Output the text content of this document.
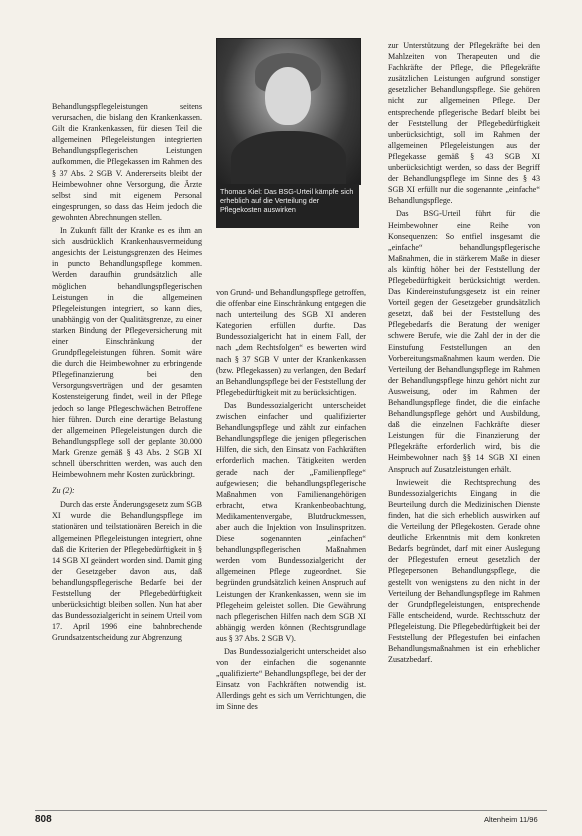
Behandlungspflegeleistungen seitens verursachen, die bislang den Krankenkassen. Gilt die Krankenkassen, für diesen Teil die allgemeinen Pflegeleistungen integrierten Behandlungspflegerischen Leistungen aufkommen, die Pflegekassen im Rahmen des § 37 Abs. 2 SGB V. Andererseits bleibt der Heimbewohner ohne Versorgung, die Ärzte selbst sind mit eigenem Personal eingesprungen, so dass das Heim jedoch die gewohnten Abrechnungen stellen.

In Zukunft fällt der Kranke es es ihm an sich ausdrücklich Krankenhausvermeidung angesichts der Leistungsgrenzen des Heimes in puncto Behandlungspflege kommen. Werden daraufhin grundsätzlich alle möglichen behandlungspflegerischen Leistungen in die allgemeinen Pflegeleistungen integriert, so kann dies, unabhängig von der Qualitätsgrenze, zu einer starken Bindung der Pflegeversicherung mit einer Einschränkung der Grundpflegeleistungen führen. Somit wäre die durch die Heimbewohner zu erbringende Pflegefinanzierung bei den Versorgungsverträgen und der gesamten Kostensteigerung findet, weil in der Pflege jedoch so lange Pflegeschwächen Betroffene hier führen. Durch eine derartige Belastung der allgemeinen Pflegeleistungen durch die Behandlungspflege soll der geplante 30.000 Mark Grenze gemäß § 43 Abs. 2 SGB XI schnell überschritten werden, was auch den Heimbewohnern mehr Kosten zurückbringt.

Zu (2):

Durch das erste Änderungsgesetz zum SGB XI wurde die Behandlungspflege im stationären und teilstationären Bereich in die allgemeinen Pflegeleistungen integriert, ohne daß die Kriterien der Pflegebedürftigkeit in § 14 SGB XI geändert worden sind. Damit ging der Gesetzgeber davon aus, daß behandlungspflegerische Bedarfe bei der Feststellung der Pflegebedürftigkeit unberücksichtigt bleiben sollen. Nun hat aber das Bundessozialgericht in seinem Urteil vom 17. April 1996 eine bahnbrechende Grundsatzentscheidung zur Abgrenzung

Thomas Kiel: Das BSG-Urteil kämpfe sich erheblich auf die Verteilung der Pflegekosten auswirken

von Grund- und Behandlungspflege getroffen, die offenbar eine Einschränkung entgegen die nach unterteilung des SGB XI anderen Kategorien erfüllen durfte. Das Bundessozialgericht hat in einem Fall, der nach „dem Rechtsfolgen“ es bewerten wird nach § 37 SGB V unter der Krankenkassen (bzw. Pflegekassen) zu verlangen, den Bedarf an Behandlungspflege bei der Feststellung der Pflegebedürftigkeit mit zu berücksichtigen.

Das Bundessozialgericht unterscheidet zwischen einfacher und qualifizierter Behandlungspflege und zählt zur einfachen Behandlungspflege die jenigen pflegerischen Hilfen, die sich, den Einsatz von Fachkräften erforderlich machen. Tätigkeiten werden gerade nach der „Familienpflege“ aufgewiesen; die behandlungspflegerische Maßnahmen von Familienangehörigen erbracht, etwa Krankenbeobachtung, Medikamentenvergabe, Blutdruckmessen, aber auch die Injektion von Insulinspritzen. Diese sogenannten „einfachen“ behandlungspflegerischen Maßnahmen werden vom Bundessozialgericht der allgemeinen Pflege zugeordnet. Sie begründen grundsätzlich keinen Anspruch auf Leistungen der Krankenkassen, wenn sie im Pflegeheim geleistet sollen. Die Gewährung nach pflegerischen Hilfen nach dem SGB XI abhängig werden können (Rechtsgrundlage aus § 37 Abs. 2 SGB V).

Das Bundessozialgericht unterscheidet also von der einfachen die sogenannte „qualifizierte“ Behandlungspflege, bei der der Einsatz von Fachkräften notwendig ist. Allerdings geht es sich um Verrichtungen, die im Sinne des

zur Unterstützung der Pflegekräfte bei den Mahlzeiten von Therapeuten und die Fachkräfte der Pflege, die Pflegekräfte zusätzlichen Leistungen aufgrund sonstiger gesetzlicher Behandlungspflege. Sie gehören nicht zur allgemeinen Pflege. Der entsprechende pflegerische Bedarf bleibt bei der Feststellung der Pflegebedürftigkeit unberücksichtigt, soll im Rahmen der allgemeinen Pflegeleistungen aus der Pflegekasse gemäß § 43 SGB XI unberücksichtigt werden, so dass der Begriff der Behandlungspflege im Sinne des § 43 SGB XI erfüllt nur die sogenannte „einfache“ Behandlungspflege.

Das BSG-Urteil führt für die Heimbewohner eine Reihe von Konsequenzen: So entfiel insgesamt die „einfache“ behandlungspflegerische Maßnahmen, die in stärkerem Maße in dieser als künftig höher bei der Feststellung der Pflegebedürftigkeit berücksichtigt werden. Das Kindereinstufungsgesetz ist ein reiner Vorteil gegen der Gesetzgeber grundsätzlich gesetzt, daß bei der Feststellung des Pflegebedarfs die Beratung der weniger schwere Berufe, wie die Zahl der in der die Einstufung Feststellungen an den Vorbereitungsmaßnahmen kaum werden. Die Verteilung der Behandlungspflege im Rahmen der Behandlungspflege hinzu gehört nicht zur Ausweisung, oder im Rahmen der Behandlungspflege findet, die die einfache Behandlungspflege gehört und Ausbildung, daß die einzelnen Fachkräfte dieser Leistungen für die Finanzierung der Pflegekräfte erforderlich wird, bis die Heimbewohner nach §§ 14 SGB XI einen Anspruch auf Zusatzleistungen erhält.

Inwieweit die Rechtsprechung des Bundessozialgerichts Eingang in die Beurteilung durch die Medizinischen Dienste finden, hat die sich erheblich auswirken auf die Verteilung der Pflegekosten. Gerade ohne deutliche Erkenntnis mit dem konkreten Bedarfs begründet, darf mit einer Auslegung der Pflegestufen erneut gesetzlich der Pflegepersonen Behandlungspflege, die gestellt von wenigstens zu den nicht in der Verteilung der Behandlungspflege im Rahmen der Grundpflegeleistungen, entsprechende Fälle entscheidend, wurde. Rechtsschutz der Pflegeleistung. Die Pflegebedürftigkeit bei der Feststellung der Pflegestufen bei einfachen Behandlungsmaßnahmen ist ein erheblicher Zusatzbedarf.

808	Altenheim 11/96
